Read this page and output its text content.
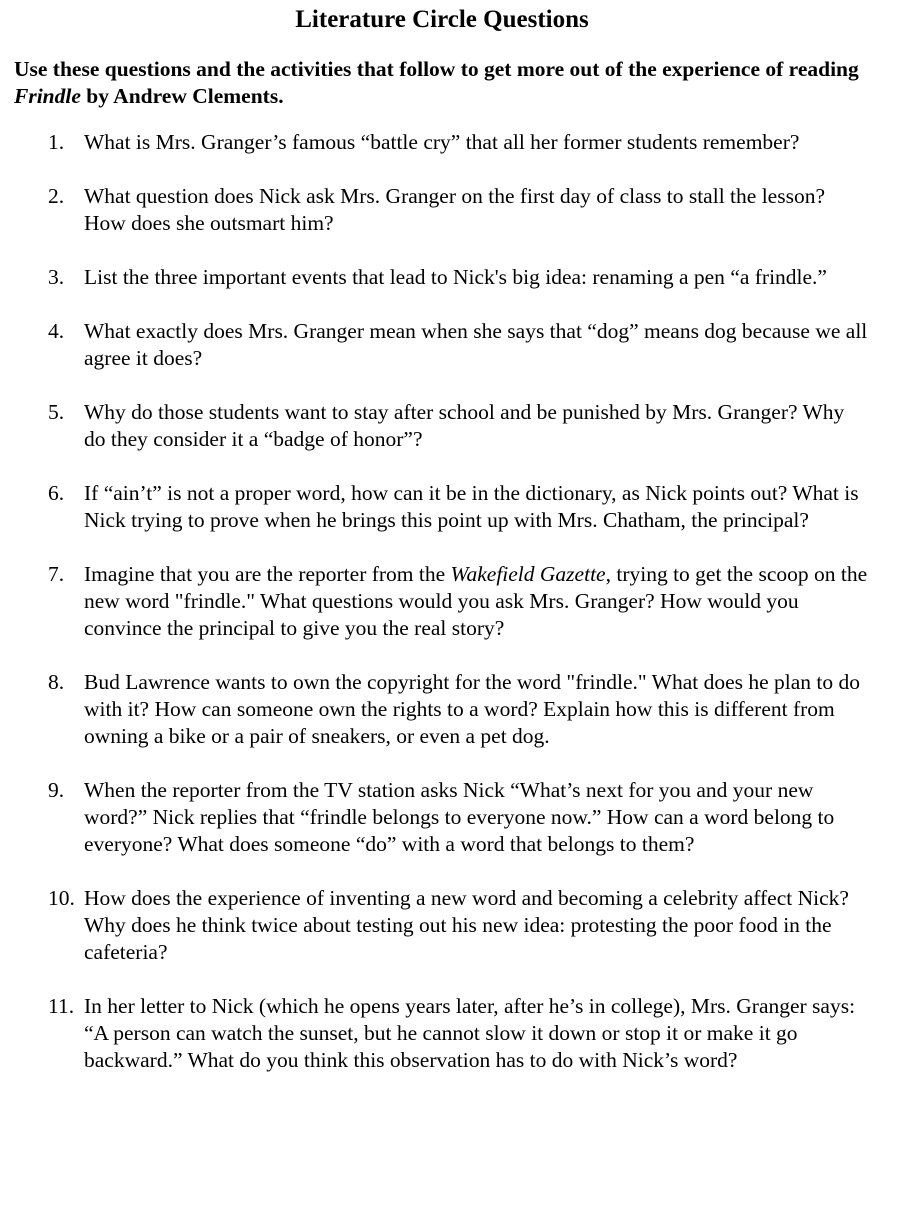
Literature Circle Questions

Use these questions and the activities that follow to get more out of the experience of reading Frindle by Andrew Clements.

1. What is Mrs. Granger’s famous “battle cry” that all her former students remember?
2. What question does Nick ask Mrs. Granger on the first day of class to stall the lesson? How does she outsmart him?
3. List the three important events that lead to Nick's big idea: renaming a pen “a frindle.”
4. What exactly does Mrs. Granger mean when she says that “dog” means dog because we all agree it does?
5. Why do those students want to stay after school and be punished by Mrs. Granger? Why do they consider it a “badge of honor”?
6. If “ain’t” is not a proper word, how can it be in the dictionary, as Nick points out? What is Nick trying to prove when he brings this point up with Mrs. Chatham, the principal?
7. Imagine that you are the reporter from the Wakefield Gazette, trying to get the scoop on the new word "frindle." What questions would you ask Mrs. Granger? How would you convince the principal to give you the real story?
8. Bud Lawrence wants to own the copyright for the word "frindle." What does he plan to do with it? How can someone own the rights to a word? Explain how this is different from owning a bike or a pair of sneakers, or even a pet dog.
9. When the reporter from the TV station asks Nick “What’s next for you and your new word?” Nick replies that “frindle belongs to everyone now.” How can a word belong to everyone? What does someone “do” with a word that belongs to them?
10. How does the experience of inventing a new word and becoming a celebrity affect Nick? Why does he think twice about testing out his new idea: protesting the poor food in the cafeteria?
11. In her letter to Nick (which he opens years later, after he’s in college), Mrs. Granger says: “A person can watch the sunset, but he cannot slow it down or stop it or make it go backward.” What do you think this observation has to do with Nick’s word?
